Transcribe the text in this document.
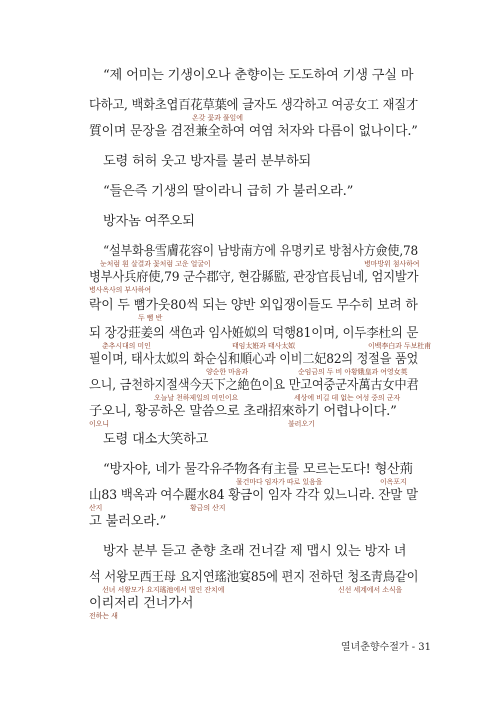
“제 어미는 기생이오나 춘향이는 도도하여 기생 구실 마
다하고, 백화초엽百花草葉에 글자도 생각하고 여공女工 재질才
온갖 꽃과 풀잎에
質이며 문장을 겸전兼全하여 여염 처자와 다름이 없나이다.”
도령 허허 웃고 방자를 불러 분부하되
“들은즉 기생의 딸이라니 급히 가 불러오라.”
방자놈 여쭈오되
“설부화용雪膚花容이 남방南方에 유명키로 방첨사方僉使,78
눈처럼 흰 살결과 꽃처럼 고운 얼굴이	병마방위 첨사하여
병부사兵府使,79 군수郡守, 현감縣監, 관장官長님네, 엄지발가
병사옥사의 부사하여
락이 두 뼘가웃80씩 되는 양반 외입쟁이들도 무수히 보려 하
두 뼘 반
되 장강莊姜의 색色과 임사姙姒의 덕행81이며, 이두李杜의 문
춘추시대의 미인	태임太姙과 태사太姒	이백李白과 두보杜甫
필이며, 태사太姒의 화순심和順心과 이비二妃82의 정절을 품었
양순한 마음과	순임금의 두 비 아황娥皇과 여영女英
으니, 금천하지절색今天下之絶色이요 만고여중군자萬古女中君
오늘날 천하제일의 미인이요	세상에 비길 데 없는 여성 중의 군자
子오니, 황공하온 말씀으로 초래招來하기 어렵나이다.”
이오니	불러오기
도령 대소大笑하고
“방자야, 네가 물각유주物各有主를 모르는도다! 형산荊
물건마다 임자가 따로 있음을	이옥포지
山83 백옥과 여수麗水84 황금이 임자 각각 있느니라. 잔말 말
산지	황금의 산지
고 불러오라.”
방자 분부 듣고 춘향 초래 건너갈 제 맵시 있는 방자 녀
석 서왕모西王母 요지연瑤池宴85에 편지 전하던 청조靑鳥같이
선녀 서왕모가 요지瑤池에서 벌인 잔치에	신선 세계에서 소식을
이리저리 건너가서
전하는 새
열녀춘향수절가 - 31
